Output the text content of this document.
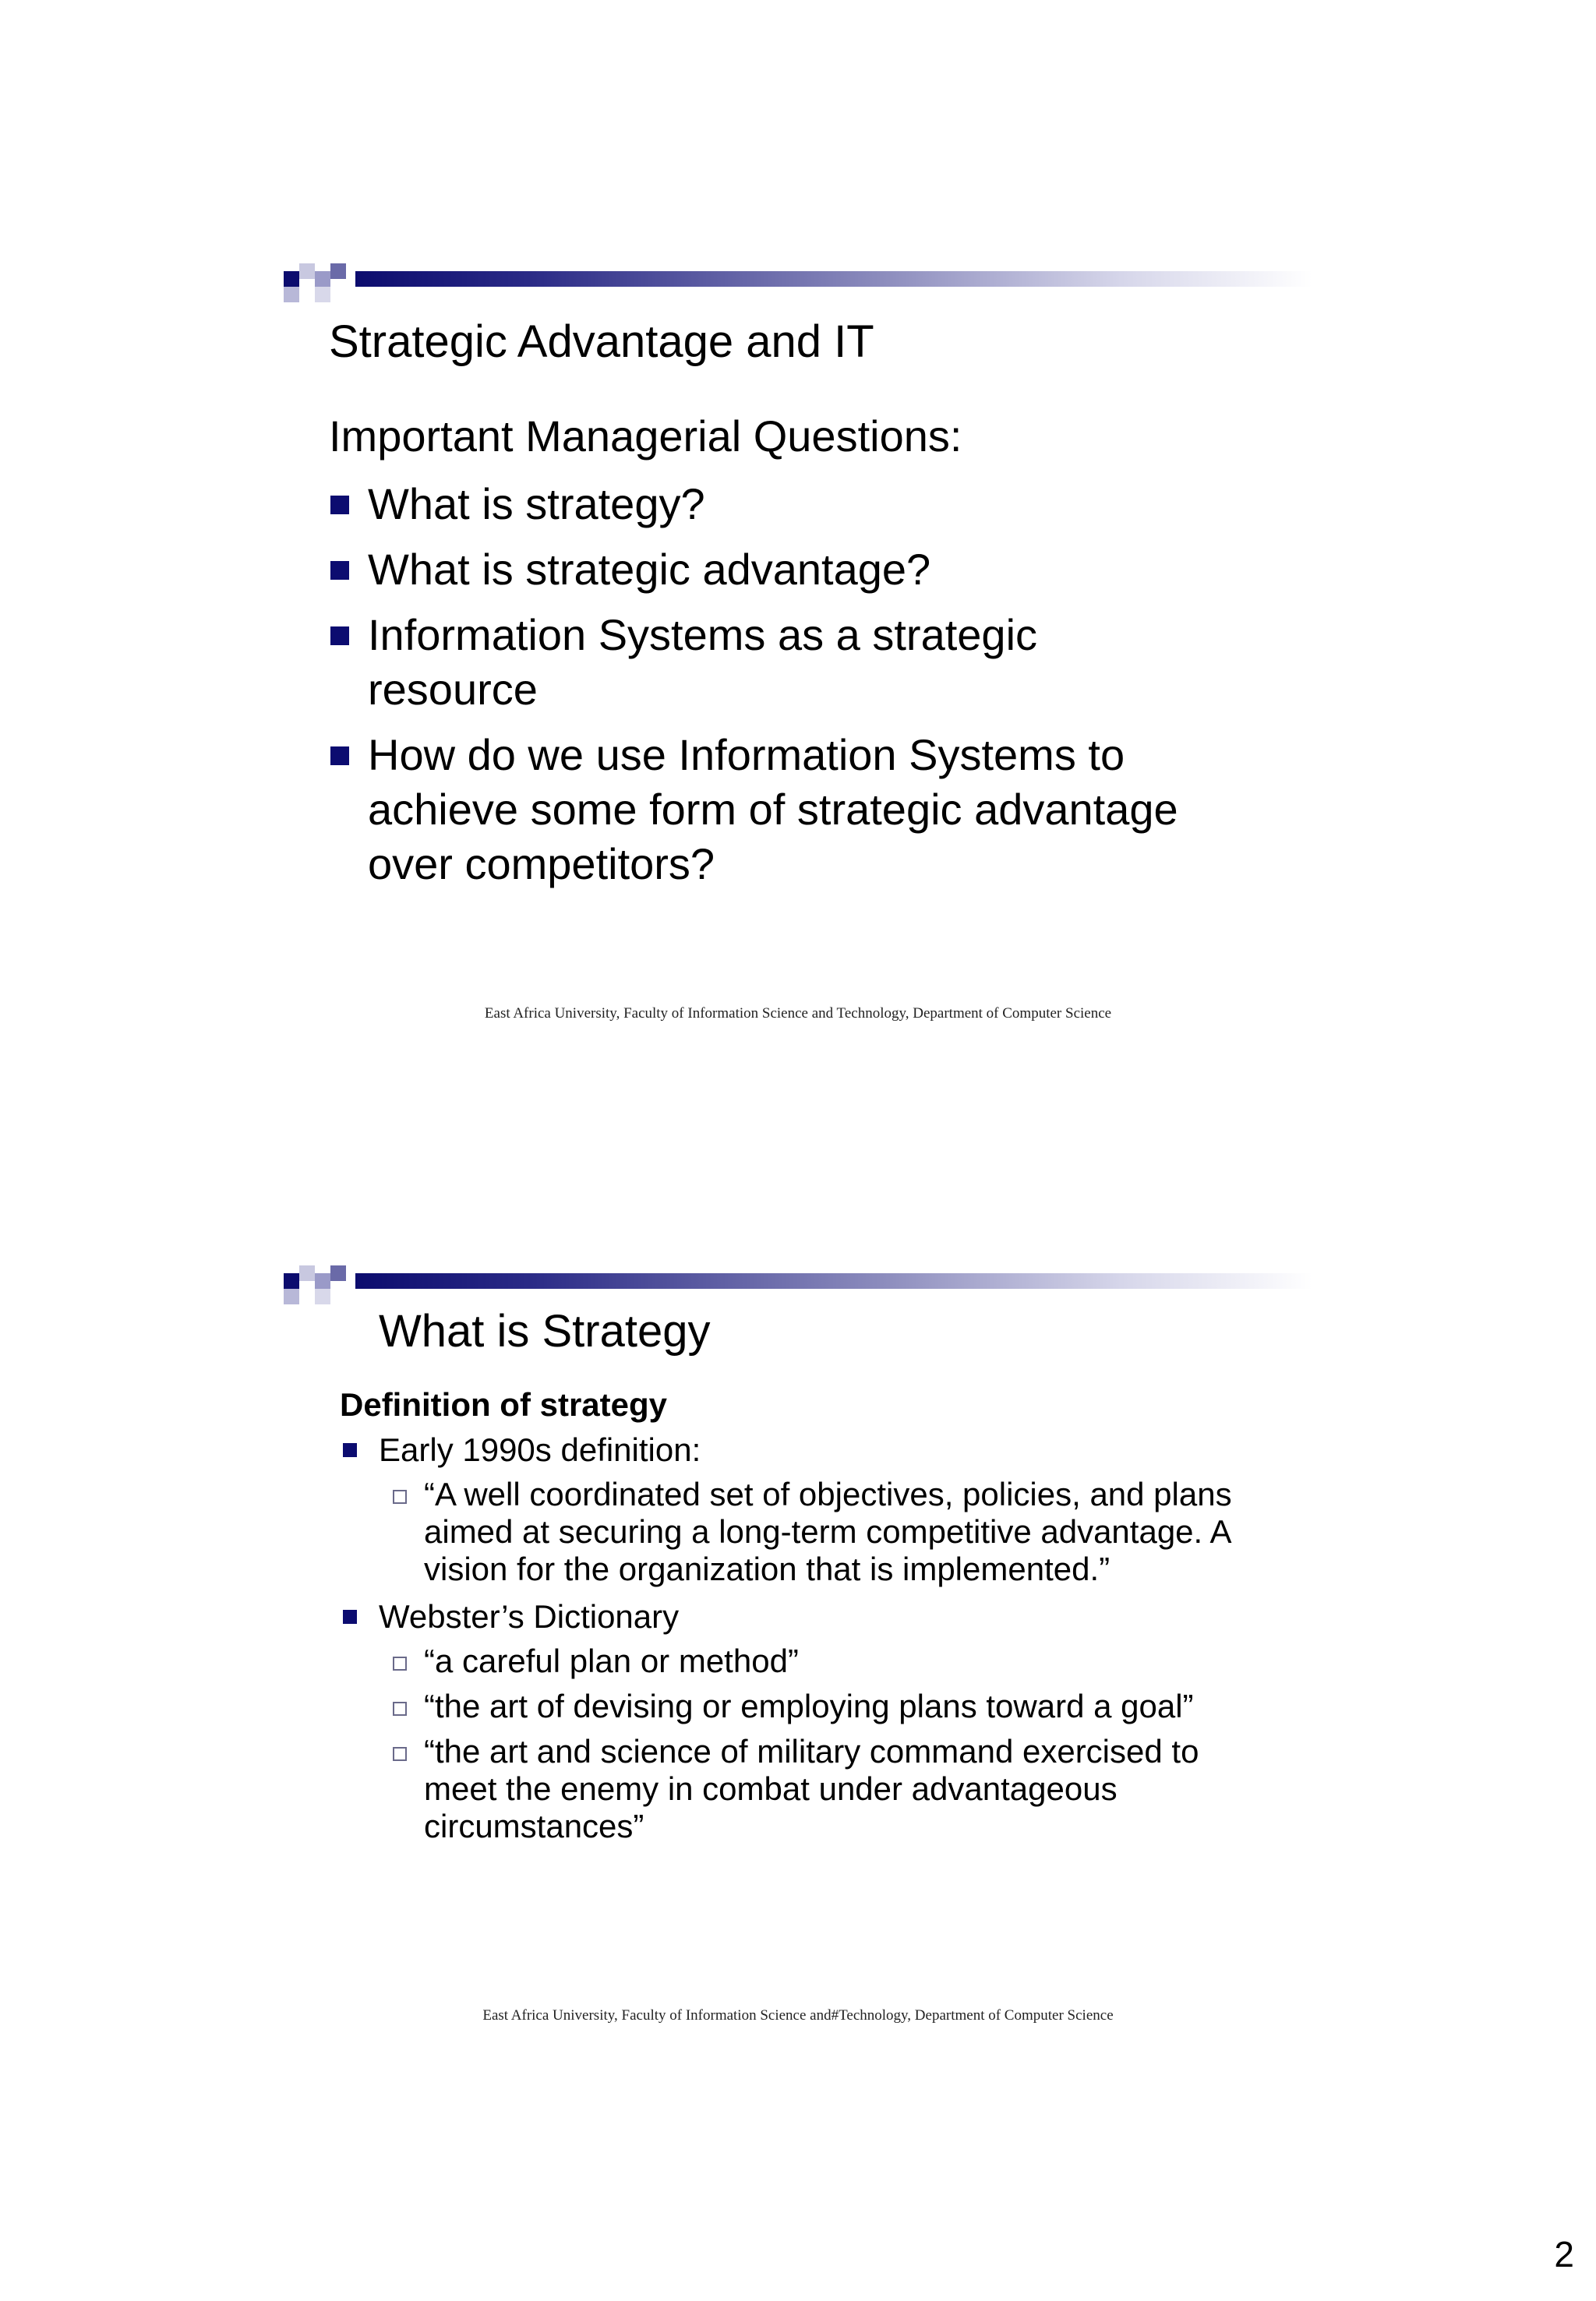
Strategic Advantage and IT

Important Managerial Questions:

What is strategy?
What is strategic advantage?
Information Systems as a strategic resource
How do we use Information Systems to achieve some form of strategic advantage over competitors?
East Africa University, Faculty of Information Science and Technology, Department of Computer Science
What is Strategy

Definition of strategy

Early 1990s definition:
“A well coordinated set of objectives, policies, and plans aimed at securing a long-term competitive advantage. A vision for the organization that is implemented.”
Webster’s Dictionary
“a careful plan or method”
“the art of devising or employing plans toward a goal”
“the art and science of military command exercised to meet the enemy in combat under advantageous circumstances”
East Africa University, Faculty of Information Science and#Technology, Department of Computer Science
2
